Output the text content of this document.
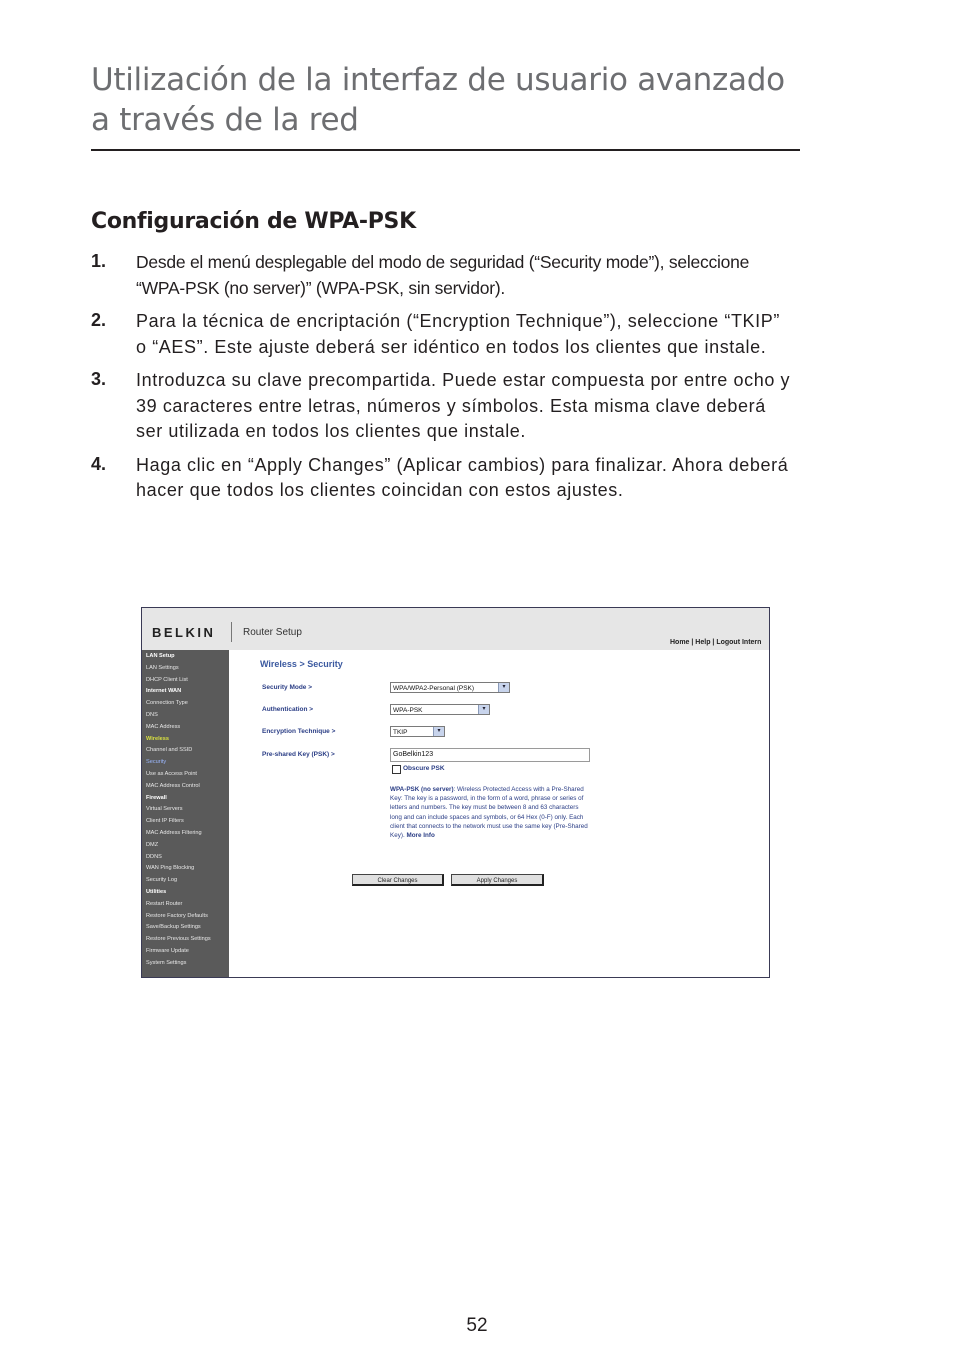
Utilización de la interfaz de usuario avanzado a través de la red
Configuración de WPA-PSK
1. Desde el menú desplegable del modo de seguridad (“Security mode”), seleccione “WPA-PSK (no server)” (WPA-PSK, sin servidor).
2. Para la técnica de encriptación (“Encryption Technique”), seleccione “TKIP” o “AES”. Este ajuste deberá ser idéntico en todos los clientes que instale.
3. Introduzca su clave precompartida. Puede estar compuesta por entre ocho y 39 caracteres entre letras, números y símbolos. Esta misma clave deberá ser utilizada en todos los clientes que instale.
4. Haga clic en “Apply Changes” (Aplicar cambios) para finalizar. Ahora deberá hacer que todos los clientes coincidan con estos ajustes.
BELKIN	Router Setup
Home | Help | Logout Intern
LAN Setup
LAN Settings
DHCP Client List
Internet WAN
Connection Type
DNS
MAC Address
Wireless
Channel and SSID
Security
Use as Access Point
MAC Address Control
Firewall
Virtual Servers
Client IP Filters
MAC Address Filtering
DMZ
DDNS
WAN Ping Blocking
Security Log
Utilities
Restart Router
Restore Factory Defaults
Save/Backup Settings
Restore Previous Settings
Firmware Update
System Settings
Wireless > Security
Security Mode >	WPA/WPA2-Personal (PSK)	▾
Authentication >	WPA-PSK	▾
Encryption Technique >	TKIP	▾
Pre-shared Key (PSK) >	GoBelkin123
Obscure PSK
WPA-PSK (no server): Wireless Protected Access with a Pre-Shared Key: The key is a password, in the form of a word, phrase or series of letters and numbers. The key must be between 8 and 63 characters long and can include spaces and symbols, or 64 Hex (0-F) only. Each client that connects to the network must use the same key (Pre-Shared Key). More Info
Clear Changes	Apply Changes
52
